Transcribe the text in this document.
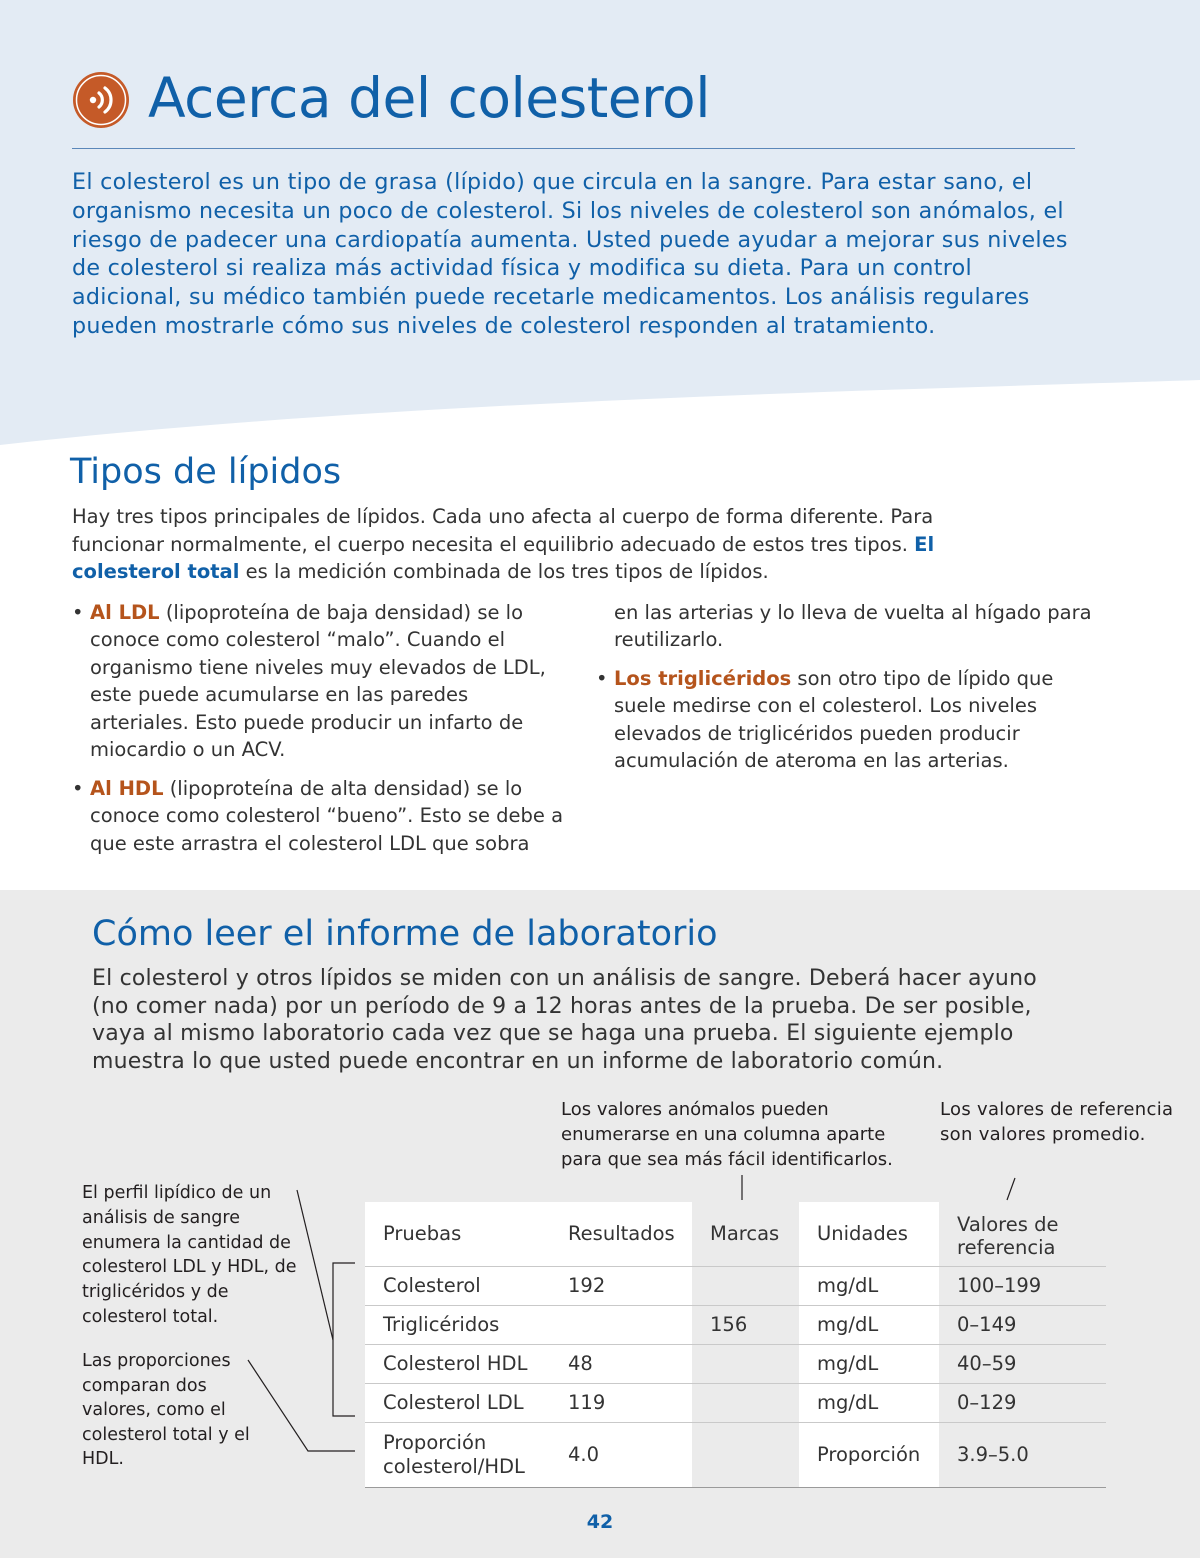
Acerca del colesterol

El colesterol es un tipo de grasa (lípido) que circula en la sangre. Para estar sano, el organismo necesita un poco de colesterol. Si los niveles de colesterol son anómalos, el riesgo de padecer una cardiopatía aumenta. Usted puede ayudar a mejorar sus niveles de colesterol si realiza más actividad física y modifica su dieta. Para un control adicional, su médico también puede recetarle medicamentos. Los análisis regulares pueden mostrarle cómo sus niveles de colesterol responden al tratamiento.

Tipos de lípidos

Hay tres tipos principales de lípidos. Cada uno afecta al cuerpo de forma diferente. Para funcionar normalmente, el cuerpo necesita el equilibrio adecuado de estos tres tipos. El colesterol total es la medición combinada de los tres tipos de lípidos.

• Al LDL (lipoproteína de baja densidad) se lo conoce como colesterol “malo”. Cuando el organismo tiene niveles muy elevados de LDL, este puede acumularse en las paredes arteriales. Esto puede producir un infarto de miocardio o un ACV.

• Al HDL (lipoproteína de alta densidad) se lo conoce como colesterol “bueno”. Esto se debe a que este arrastra el colesterol LDL que sobra

en las arterias y lo lleva de vuelta al hígado para reutilizarlo.

• Los triglicéridos son otro tipo de lípido que suele medirse con el colesterol. Los niveles elevados de triglicéridos pueden producir acumulación de ateroma en las arterias.

Cómo leer el informe de laboratorio

El colesterol y otros lípidos se miden con un análisis de sangre. Deberá hacer ayuno (no comer nada) por un período de 9 a 12 horas antes de la prueba. De ser posible, vaya al mismo laboratorio cada vez que se haga una prueba. El siguiente ejemplo muestra lo que usted puede encontrar en un informe de laboratorio común.

Los valores anómalos pueden enumerarse en una columna aparte para que sea más fácil identificarlos.

Los valores de referencia son valores promedio.

El perfil lipídico de un análisis de sangre enumera la cantidad de colesterol LDL y HDL, de triglicéridos y de colesterol total.

Las proporciones comparan dos valores, como el colesterol total y el HDL.

Pruebas	Resultados	Marcas	Unidades	Valores de referencia
Colesterol	192		mg/dL	100–199
Triglicéridos		156	mg/dL	0–149
Colesterol HDL	48		mg/dL	40–59
Colesterol LDL	119		mg/dL	0–129
Proporción colesterol/HDL	4.0		Proporción	3.9–5.0

42
